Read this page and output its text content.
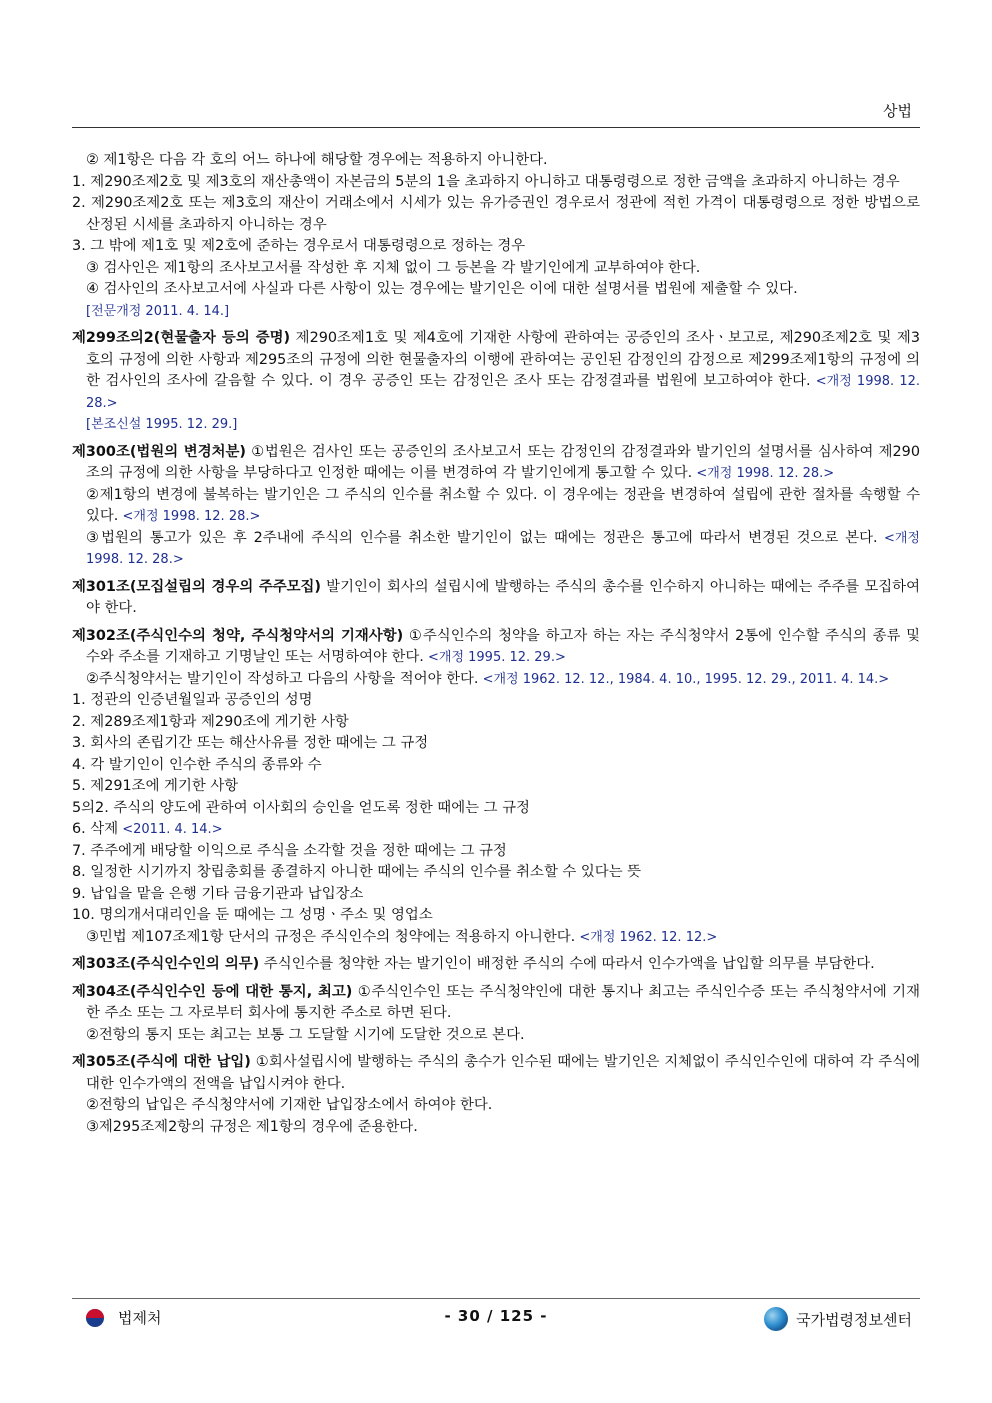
상법
② 제1항은 다음 각 호의 어느 하나에 해당할 경우에는 적용하지 아니한다.
1. 제290조제2호 및 제3호의 재산총액이 자본금의 5분의 1을 초과하지 아니하고 대통령령으로 정한 금액을 초과하지 아니하는 경우
2. 제290조제2호 또는 제3호의 재산이 거래소에서 시세가 있는 유가증권인 경우로서 정관에 적힌 가격이 대통령령으로 정한 방법으로 산정된 시세를 초과하지 아니하는 경우
3. 그 밖에 제1호 및 제2호에 준하는 경우로서 대통령령으로 정하는 경우
③ 검사인은 제1항의 조사보고서를 작성한 후 지체 없이 그 등본을 각 발기인에게 교부하여야 한다.
④ 검사인의 조사보고서에 사실과 다른 사항이 있는 경우에는 발기인은 이에 대한 설명서를 법원에 제출할 수 있다.
[전문개정 2011. 4. 14.]
제299조의2(현물출자 등의 증명) 제290조제1호 및 제4호에 기재한 사항에 관하여는 공증인의 조사ㆍ보고로, 제290조제2호 및 제3호의 규정에 의한 사항과 제295조의 규정에 의한 현물출자의 이행에 관하여는 공인된 감정인의 감정으로 제299조제1항의 규정에 의한 검사인의 조사에 갈음할 수 있다. 이 경우 공증인 또는 감정인은 조사 또는 감정결과를 법원에 보고하여야 한다. <개정 1998. 12. 28.>
[본조신설 1995. 12. 29.]
제300조(법원의 변경처분) ①법원은 검사인 또는 공증인의 조사보고서 또는 감정인의 감정결과와 발기인의 설명서를 심사하여 제290조의 규정에 의한 사항을 부당하다고 인정한 때에는 이를 변경하여 각 발기인에게 통고할 수 있다. <개정 1998. 12. 28.>
②제1항의 변경에 불복하는 발기인은 그 주식의 인수를 취소할 수 있다. 이 경우에는 정관을 변경하여 설립에 관한 절차를 속행할 수 있다. <개정 1998. 12. 28.>
③법원의 통고가 있은 후 2주내에 주식의 인수를 취소한 발기인이 없는 때에는 정관은 통고에 따라서 변경된 것으로 본다. <개정 1998. 12. 28.>
제301조(모집설립의 경우의 주주모집) 발기인이 회사의 설립시에 발행하는 주식의 총수를 인수하지 아니하는 때에는 주주를 모집하여야 한다.
제302조(주식인수의 청약, 주식청약서의 기재사항) ①주식인수의 청약을 하고자 하는 자는 주식청약서 2통에 인수할 주식의 종류 및 수와 주소를 기재하고 기명날인 또는 서명하여야 한다. <개정 1995. 12. 29.>
②주식청약서는 발기인이 작성하고 다음의 사항을 적어야 한다. <개정 1962. 12. 12., 1984. 4. 10., 1995. 12. 29., 2011. 4. 14.>
1. 정관의 인증년월일과 공증인의 성명
2. 제289조제1항과 제290조에 게기한 사항
3. 회사의 존립기간 또는 해산사유를 정한 때에는 그 규정
4. 각 발기인이 인수한 주식의 종류와 수
5. 제291조에 게기한 사항
5의2. 주식의 양도에 관하여 이사회의 승인을 얻도록 정한 때에는 그 규정
6. 삭제 <2011. 4. 14.>
7. 주주에게 배당할 이익으로 주식을 소각할 것을 정한 때에는 그 규정
8. 일정한 시기까지 창립총회를 종결하지 아니한 때에는 주식의 인수를 취소할 수 있다는 뜻
9. 납입을 맡을 은행 기타 금융기관과 납입장소
10. 명의개서대리인을 둔 때에는 그 성명ㆍ주소 및 영업소
③민법 제107조제1항 단서의 규정은 주식인수의 청약에는 적용하지 아니한다. <개정 1962. 12. 12.>
제303조(주식인수인의 의무) 주식인수를 청약한 자는 발기인이 배정한 주식의 수에 따라서 인수가액을 납입할 의무를 부담한다.
제304조(주식인수인 등에 대한 통지, 최고) ①주식인수인 또는 주식청약인에 대한 통지나 최고는 주식인수증 또는 주식청약서에 기재한 주소 또는 그 자로부터 회사에 통지한 주소로 하면 된다.
②전항의 통지 또는 최고는 보통 그 도달할 시기에 도달한 것으로 본다.
제305조(주식에 대한 납입) ①회사설립시에 발행하는 주식의 총수가 인수된 때에는 발기인은 지체없이 주식인수인에 대하여 각 주식에 대한 인수가액의 전액을 납입시켜야 한다.
②전항의 납입은 주식청약서에 기재한 납입장소에서 하여야 한다.
③제295조제2항의 규정은 제1항의 경우에 준용한다.
법제처	- 30 / 125 -	국가법령정보센터
